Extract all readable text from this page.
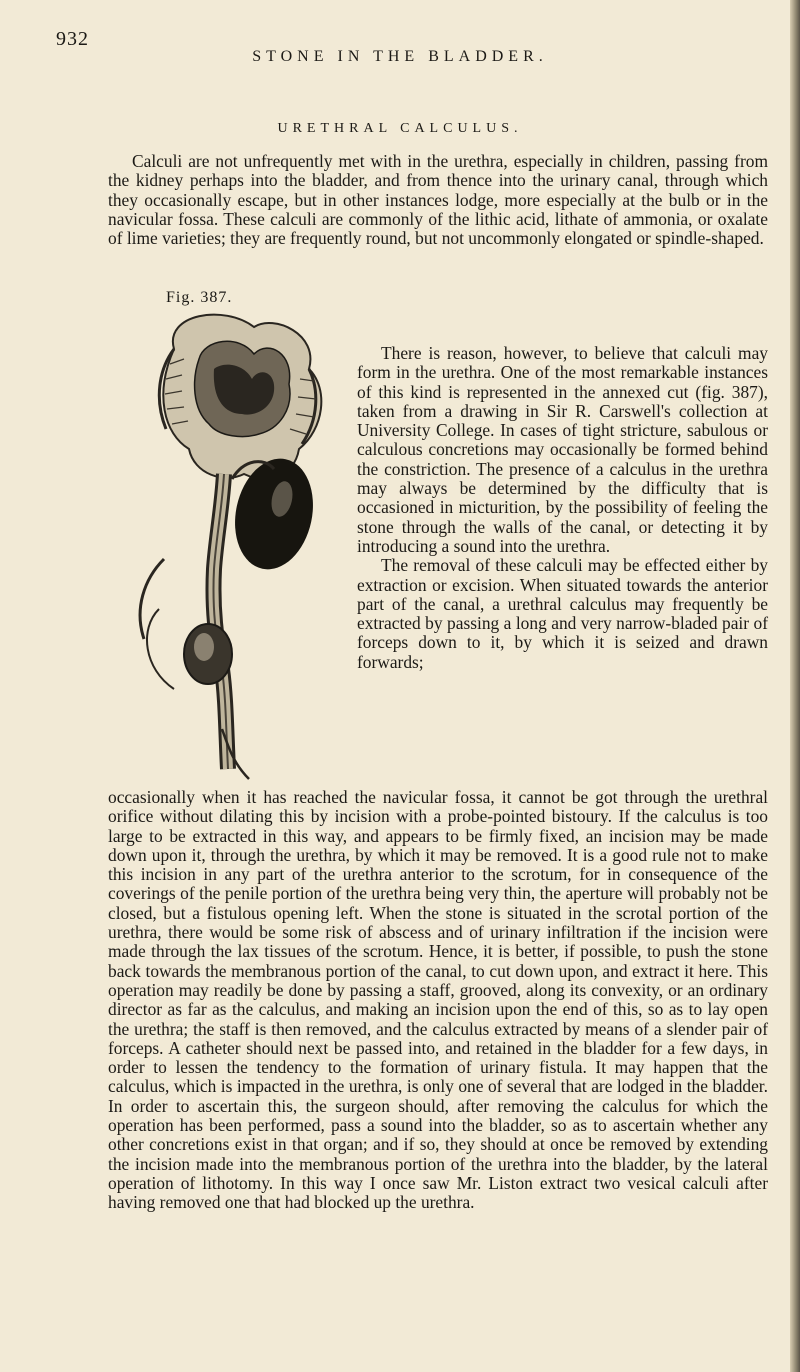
932

STONE IN THE BLADDER.

URETHRAL CALCULUS.

Calculi are not unfrequently met with in the urethra, especially in children, passing from the kidney perhaps into the bladder, and from thence into the urinary canal, through which they occasionally escape, but in other instances lodge, more especially at the bulb or in the navicular fossa. These calculi are commonly of the lithic acid, lithate of ammonia, or oxalate of lime varieties; they are frequently round, but not uncommonly elongated or spindle-shaped.

Fig. 387.

There is reason, however, to believe that calculi may form in the urethra. One of the most remarkable instances of this kind is represented in the annexed cut (fig. 387), taken from a drawing in Sir R. Carswell's collection at University College. In cases of tight stricture, sabulous or calculous concretions may occasionally be formed behind the constriction. The presence of a calculus in the urethra may always be determined by the difficulty that is occasioned in micturition, by the possibility of feeling the stone through the walls of the canal, or detecting it by introducing a sound into the urethra.

The removal of these calculi may be effected either by extraction or excision. When situated towards the anterior part of the canal, a urethral calculus may frequently be extracted by passing a long and very narrow-bladed pair of forceps down to it, by which it is seized and drawn forwards;

occasionally when it has reached the navicular fossa, it cannot be got through the urethral orifice without dilating this by incision with a probe-pointed bistoury. If the calculus is too large to be extracted in this way, and appears to be firmly fixed, an incision may be made down upon it, through the urethra, by which it may be removed. It is a good rule not to make this incision in any part of the urethra anterior to the scrotum, for in consequence of the coverings of the penile portion of the urethra being very thin, the aperture will probably not be closed, but a fistulous opening left. When the stone is situated in the scrotal portion of the urethra, there would be some risk of abscess and of urinary infiltration if the incision were made through the lax tissues of the scrotum. Hence, it is better, if possible, to push the stone back towards the membranous portion of the canal, to cut down upon, and extract it here. This operation may readily be done by passing a staff, grooved, along its convexity, or an ordinary director as far as the calculus, and making an incision upon the end of this, so as to lay open the urethra; the staff is then removed, and the calculus extracted by means of a slender pair of forceps. A catheter should next be passed into, and retained in the bladder for a few days, in order to lessen the tendency to the formation of urinary fistula. It may happen that the calculus, which is impacted in the urethra, is only one of several that are lodged in the bladder. In order to ascertain this, the surgeon should, after removing the calculus for which the operation has been performed, pass a sound into the bladder, so as to ascertain whether any other concretions exist in that organ; and if so, they should at once be removed by extending the incision made into the membranous portion of the urethra into the bladder, by the lateral operation of lithotomy. In this way I once saw Mr. Liston extract two vesical calculi after having removed one that had blocked up the urethra.
